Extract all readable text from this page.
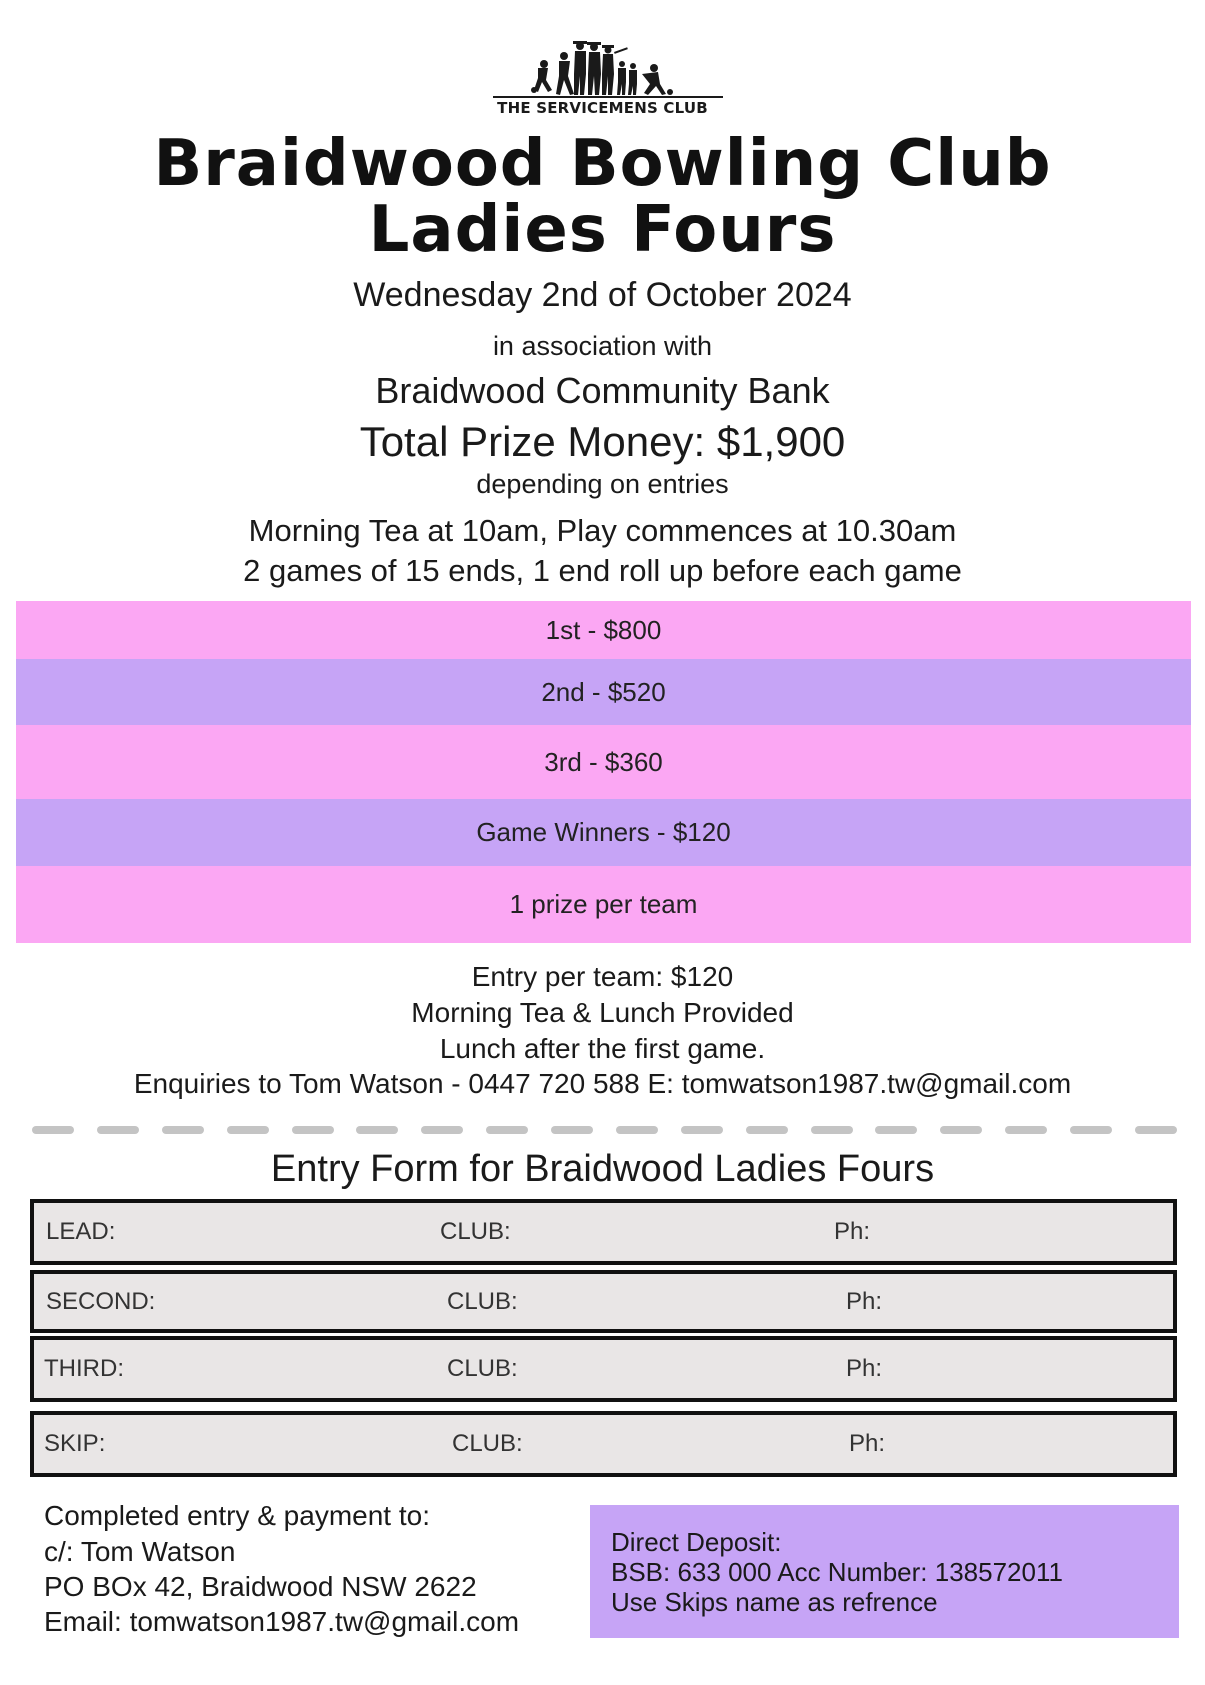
THE SERVICEMENS CLUB
Braidwood Bowling Club
Ladies Fours
Wednesday 2nd of October 2024
in association with
Braidwood Community Bank
Total Prize Money: $1,900
depending on entries
Morning Tea at 10am, Play commences at 10.30am
2 games of 15 ends, 1 end roll up before each game
1st - $800
2nd - $520
3rd - $360
Game Winners - $120
1 prize per team
Entry per team: $120
Morning Tea & Lunch Provided
Lunch after the first game.
Enquiries to Tom Watson - 0447 720 588 E: tomwatson1987.tw@gmail.com
Entry Form for Braidwood Ladies Fours
LEAD:	CLUB:	Ph:
SECOND:	CLUB:	Ph:
THIRD:	CLUB:	Ph:
SKIP:	CLUB:	Ph:
Completed entry & payment to:
c/: Tom Watson
PO BOx 42, Braidwood NSW 2622
Email: tomwatson1987.tw@gmail.com
Direct Deposit:
BSB: 633 000 Acc Number: 138572011
Use Skips name as refrence
